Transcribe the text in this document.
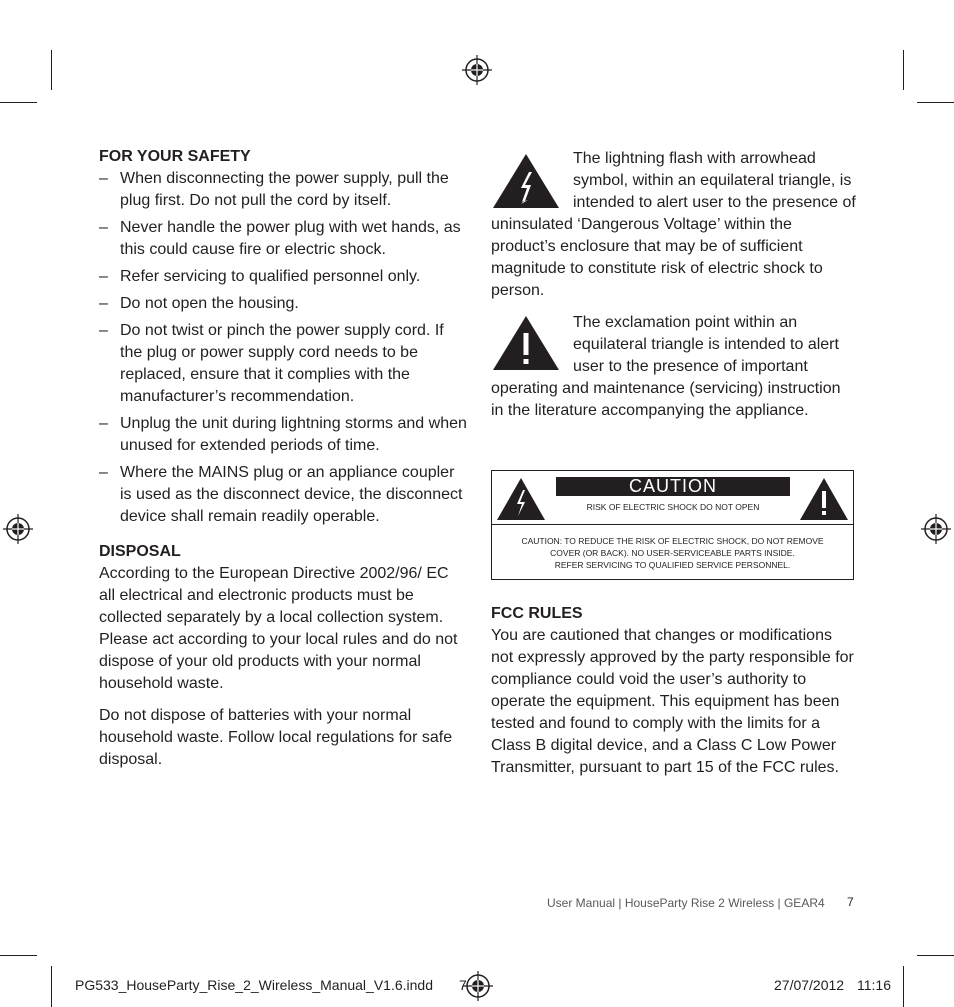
FOR YOUR SAFETY
– When disconnecting the power supply, pull the plug first. Do not pull the cord by itself.
– Never handle the power plug with wet hands, as this could cause fire or electric shock.
– Refer servicing to qualified personnel only.
– Do not open the housing.
– Do not twist or pinch the power supply cord. If the plug or power supply cord needs to be replaced, ensure that it complies with the manufacturer’s recommendation.
– Unplug the unit during lightning storms and when unused for extended periods of time.
– Where the MAINS plug or an appliance coupler is used as the disconnect device, the disconnect device shall remain readily operable.
DISPOSAL

According to the European Directive 2002/96/ EC all electrical and electronic products must be collected separately by a local collection system. Please act according to your local rules and do not dispose of your old products with your normal household waste.

Do not dispose of batteries with your normal household waste. Follow local regulations for safe disposal.

The lightning flash with arrowhead symbol, within an equilateral triangle, is intended to alert user to the presence of uninsulated ‘Dangerous Voltage’ within the product’s enclosure that may be of sufficient magnitude to constitute risk of electric shock to person.

The exclamation point within an equilateral triangle is intended to alert user to the presence of important operating and maintenance (servicing) instruction in the literature accompanying the appliance.

CAUTION
RISK OF ELECTRIC SHOCK DO NOT OPEN
CAUTION: TO REDUCE THE RISK OF ELECTRIC SHOCK, DO NOT REMOVE
COVER (OR BACK). NO USER-SERVICEABLE PARTS INSIDE.
REFER SERVICING TO QUALIFIED SERVICE PERSONNEL.
FCC RULES

You are cautioned that changes or modifications not expressly approved by the party responsible for compliance could void the user’s authority to operate the equipment. This equipment has been tested and found to comply with the limits for a Class B digital device, and a Class C Low Power Transmitter, pursuant to part 15 of the FCC rules.

User Manual | HouseParty Rise 2 Wireless | GEAR4 7
PG533_HouseParty_Rise_2_Wireless_Manual_V1.6.indd 7	27/07/2012 11:16
